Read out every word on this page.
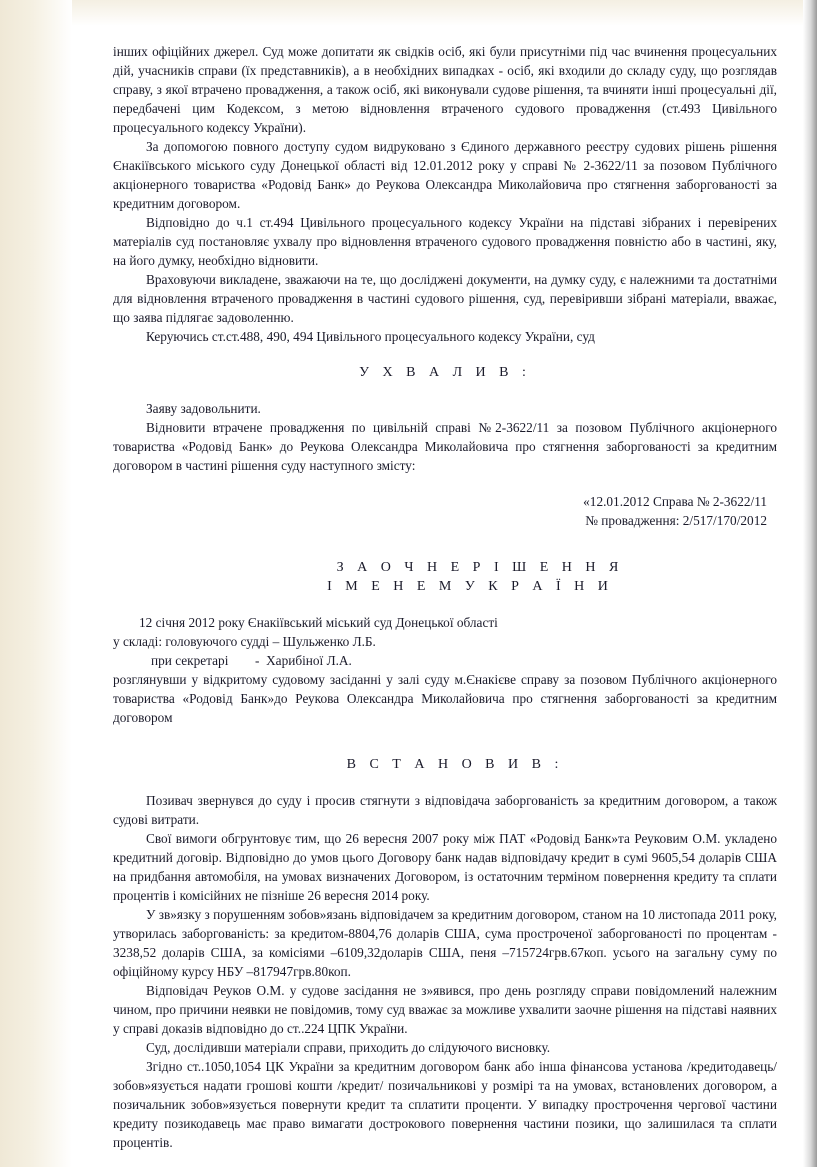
інших офіційних джерел. Суд може допитати як свідків осіб, які були присутніми під час вчинення процесуальних дій, учасників справи (їх представників), а в необхідних випадках - осіб, які входили до складу суду, що розглядав справу, з якої втрачено провадження, а також осіб, які виконували судове рішення, та вчиняти інші процесуальні дії, передбачені цим Кодексом, з метою відновлення втраченого судового провадження (ст.493 Цивільного процесуального кодексу України).

За допомогою повного доступу судом видруковано з Єдиного державного реєстру судових рішень рішення Єнакіївського міського суду Донецької області від 12.01.2012 року у справі № 2-3622/11 за позовом Публічного акціонерного товариства «Родовід Банк» до Реукова Олександра Миколайовича про стягнення заборгованості за кредитним договором.

Відповідно до ч.1 ст.494 Цивільного процесуального кодексу України на підставі зібраних і перевірених матеріалів суд постановляє ухвалу про відновлення втраченого судового провадження повністю або в частині, яку, на його думку, необхідно відновити.

Враховуючи викладене, зважаючи на те, що досліджені документи, на думку суду, є належними та достатніми для відновлення втраченого провадження в частині судового рішення, суд, перевіривши зібрані матеріали, вважає, що заява підлягає задоволенню.

Керуючись ст.ст.488, 490, 494 Цивільного процесуального кодексу України, суд

У Х В А Л И В :

Заяву задовольнити.

Відновити втрачене провадження по цивільній справі №2-3622/11 за позовом Публічного акціонерного товариства «Родовід Банк» до Реукова Олександра Миколайовича про стягнення заборгованості за кредитним договором в частині рішення суду наступного змісту:

«12.01.2012 Справа № 2-3622/11

№ провадження: 2/517/170/2012

З А О Ч Н Е Р І Ш Е Н Н Я

І М Е Н Е М У К Р А Ї Н И

12 січня 2012 року Єнакіївський міський суд Донецької області
у складі: головуючого судді – Шульженко Л.Б.
при секретарі        -  Харибіної Л.А.

розглянувши у відкритому судовому засіданні у залі суду м.Єнакієве справу за позовом Публічного акціонерного товариства «Родовід Банк»до Реукова Олександра Миколайовича про стягнення заборгованості за кредитним договором

В С Т А Н О В И В :

Позивач звернувся до суду і просив стягнути з відповідача заборгованість за кредитним договором, а також судові витрати.

Свої вимоги обгрунтовує тим, що 26 вересня 2007 року між ПАТ «Родовід Банк»та Реуковим О.М. укладено кредитний договір. Відповідно до умов цього Договору банк надав відповідачу кредит в сумі 9605,54 доларів США на придбання автомобіля, на умовах визначених Договором, із остаточним терміном повернення кредиту та сплати процентів і комісійних не пізніше 26 вересня 2014 року.

У зв»язку з порушенням зобов»язань відповідачем за кредитним договором, станом на 10 листопада 2011 року, утворилась заборгованість: за кредитом-8804,76 доларів США, сума простроченої заборгованості по процентам - 3238,52 доларів США, за комісіями –6109,32доларів США, пеня –715724грв.67коп. усього на загальну суму по офіційному курсу НБУ –817947грв.80коп.

Відповідач Реуков О.М. у судове засідання не з»явився, про день розгляду справи повідомлений належним чином, про причини неявки не повідомив, тому суд вважає за можливе ухвалити заочне рішення на підставі наявних у справі доказів відповідно до ст..224 ЦПК України.

Суд, дослідивши матеріали справи, приходить до слідуючого висновку.

Згідно ст..1050,1054 ЦК України за кредитним договором банк або інша фінансова установа /кредитодавець/ зобов»язується надати грошові кошти /кредит/ позичальникові у розмірі та на умовах, встановлених договором, а позичальник зобов»язується повернути кредит та сплатити проценти. У випадку прострочення чергової частини кредиту позикодавець має право вимагати дострокового повернення частини позики, що залишилася та сплати процентів.
